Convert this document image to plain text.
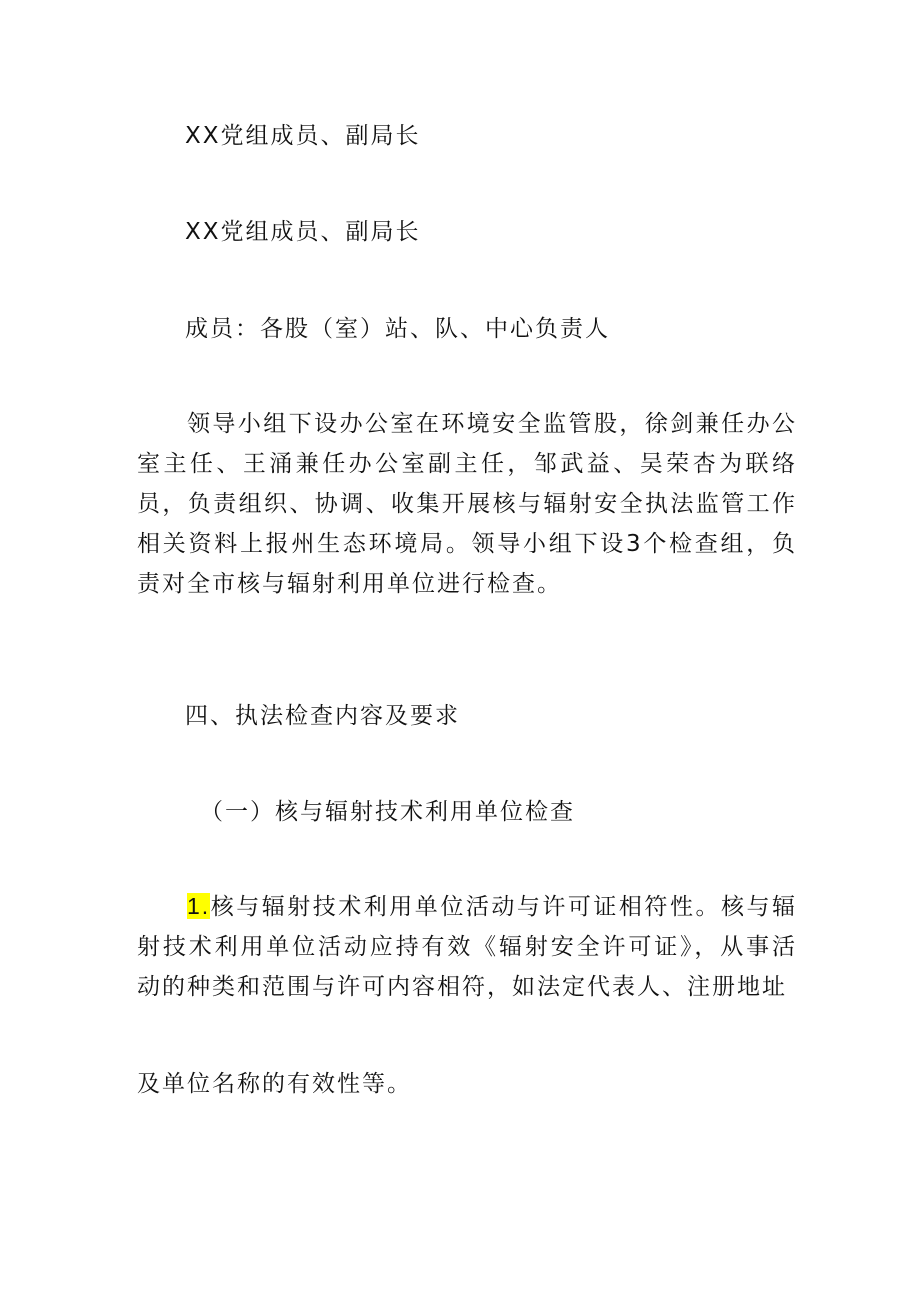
XX党组成员、副局长
XX党组成员、副局长
成员：各股（室）站、队、中心负责人
领导小组下设办公室在环境安全监管股，徐剑兼任办公室主任、王涌兼任办公室副主任，邹武益、吴荣杏为联络员，负责组织、协调、收集开展核与辐射安全执法监管工作相关资料上报州生态环境局。领导小组下设3个检查组，负责对全市核与辐射利用单位进行检查。
四、执法检查内容及要求
（一）核与辐射技术利用单位检查
1.核与辐射技术利用单位活动与许可证相符性。核与辐射技术利用单位活动应持有效《辐射安全许可证》，从事活动的种类和范围与许可内容相符，如法定代表人、注册地址
及单位名称的有效性等。
